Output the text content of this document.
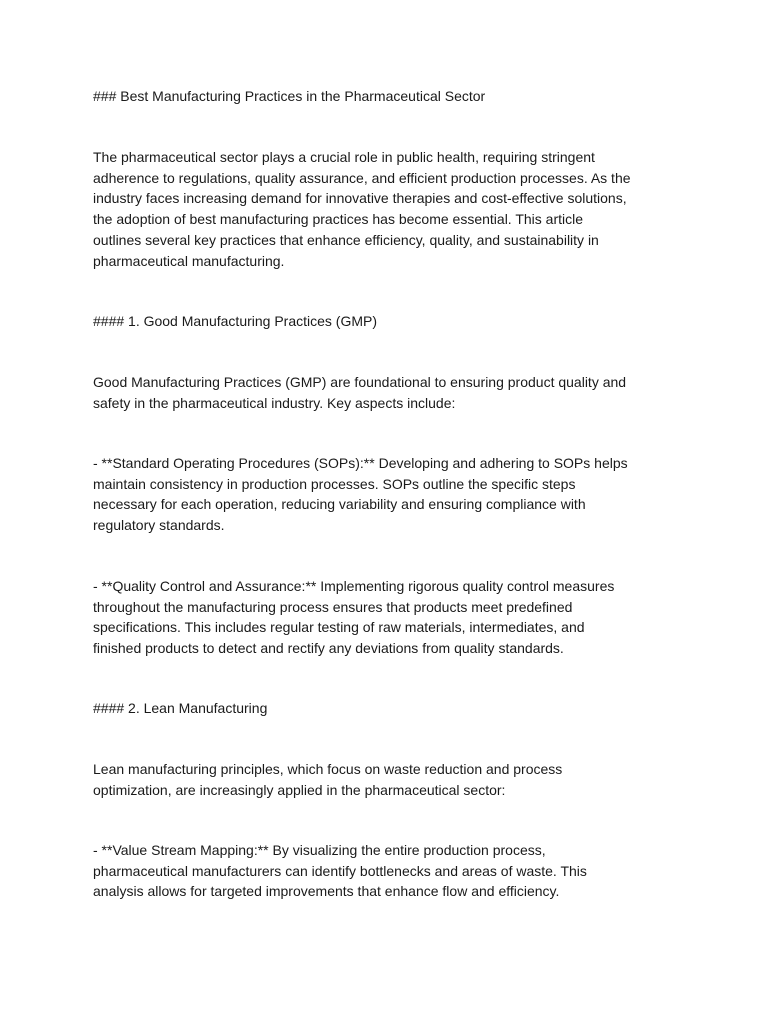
### Best Manufacturing Practices in the Pharmaceutical Sector

The pharmaceutical sector plays a crucial role in public health, requiring stringent
adherence to regulations, quality assurance, and efficient production processes. As the
industry faces increasing demand for innovative therapies and cost-effective solutions,
the adoption of best manufacturing practices has become essential. This article
outlines several key practices that enhance efficiency, quality, and sustainability in
pharmaceutical manufacturing.

#### 1. Good Manufacturing Practices (GMP)

Good Manufacturing Practices (GMP) are foundational to ensuring product quality and
safety in the pharmaceutical industry. Key aspects include:

- **Standard Operating Procedures (SOPs):** Developing and adhering to SOPs helps
maintain consistency in production processes. SOPs outline the specific steps
necessary for each operation, reducing variability and ensuring compliance with
regulatory standards.

- **Quality Control and Assurance:** Implementing rigorous quality control measures
throughout the manufacturing process ensures that products meet predefined
specifications. This includes regular testing of raw materials, intermediates, and
finished products to detect and rectify any deviations from quality standards.

#### 2. Lean Manufacturing

Lean manufacturing principles, which focus on waste reduction and process
optimization, are increasingly applied in the pharmaceutical sector:

- **Value Stream Mapping:** By visualizing the entire production process,
pharmaceutical manufacturers can identify bottlenecks and areas of waste. This
analysis allows for targeted improvements that enhance flow and efficiency.
